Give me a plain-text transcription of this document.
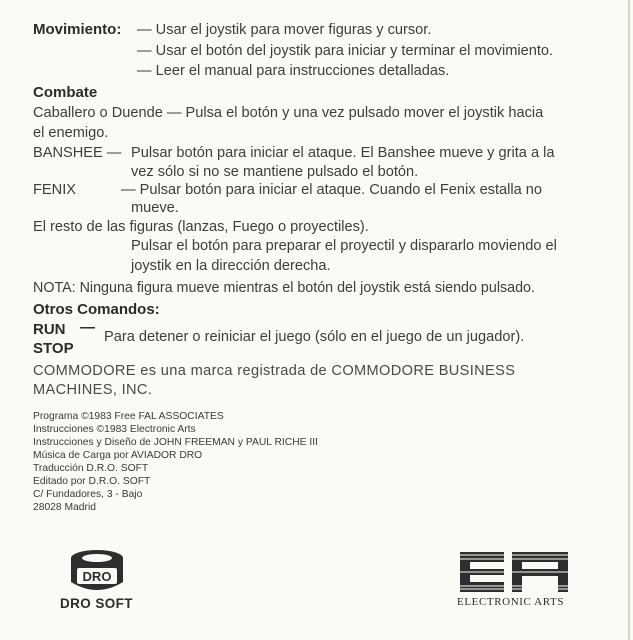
Movimiento: — Usar el joystik para mover figuras y cursor.
— Usar el botón del joystik para iniciar y terminar el movimiento.
— Leer el manual para instrucciones detalladas.
Combate
Caballero o Duende — Pulsa el botón y una vez pulsado mover el joystik hacia
el enemigo.
BANSHEE — Pulsar botón para iniciar el ataque. El Banshee mueve y grita a la
vez sólo si no se mantiene pulsado el botón.
FENIX	— Pulsar botón para iniciar el ataque. Cuando el Fenix estalla no
mueve.
El resto de las figuras (lanzas, Fuego o proyectiles).
Pulsar el botón para preparar el proyectil y dispararlo moviendo el
joystik en la dirección derecha.
NOTA: Ninguna figura mueve mientras el botón del joystik está siendo pulsado.
Otros Comandos:
RUN —
STOP
Para detener o reiniciar el juego (sólo en el juego de un jugador).
COMMODORE es una marca registrada de COMMODORE BUSINESS
MACHINES, INC.
Programa ©1983 Free FAL ASSOCIATES
Instrucciones ©1983 Electronic Arts
Instrucciones y Diseño de JOHN FREEMAN y PAUL RICHE III
Música de Carga por AVIADOR DRO
Traducción D.R.O. SOFT
Editado por D.R.O. SOFT
C/ Fundadores, 3 - Bajo
28028 Madrid
DRO
DRO SOFT	ELECTRONIC ARTS
